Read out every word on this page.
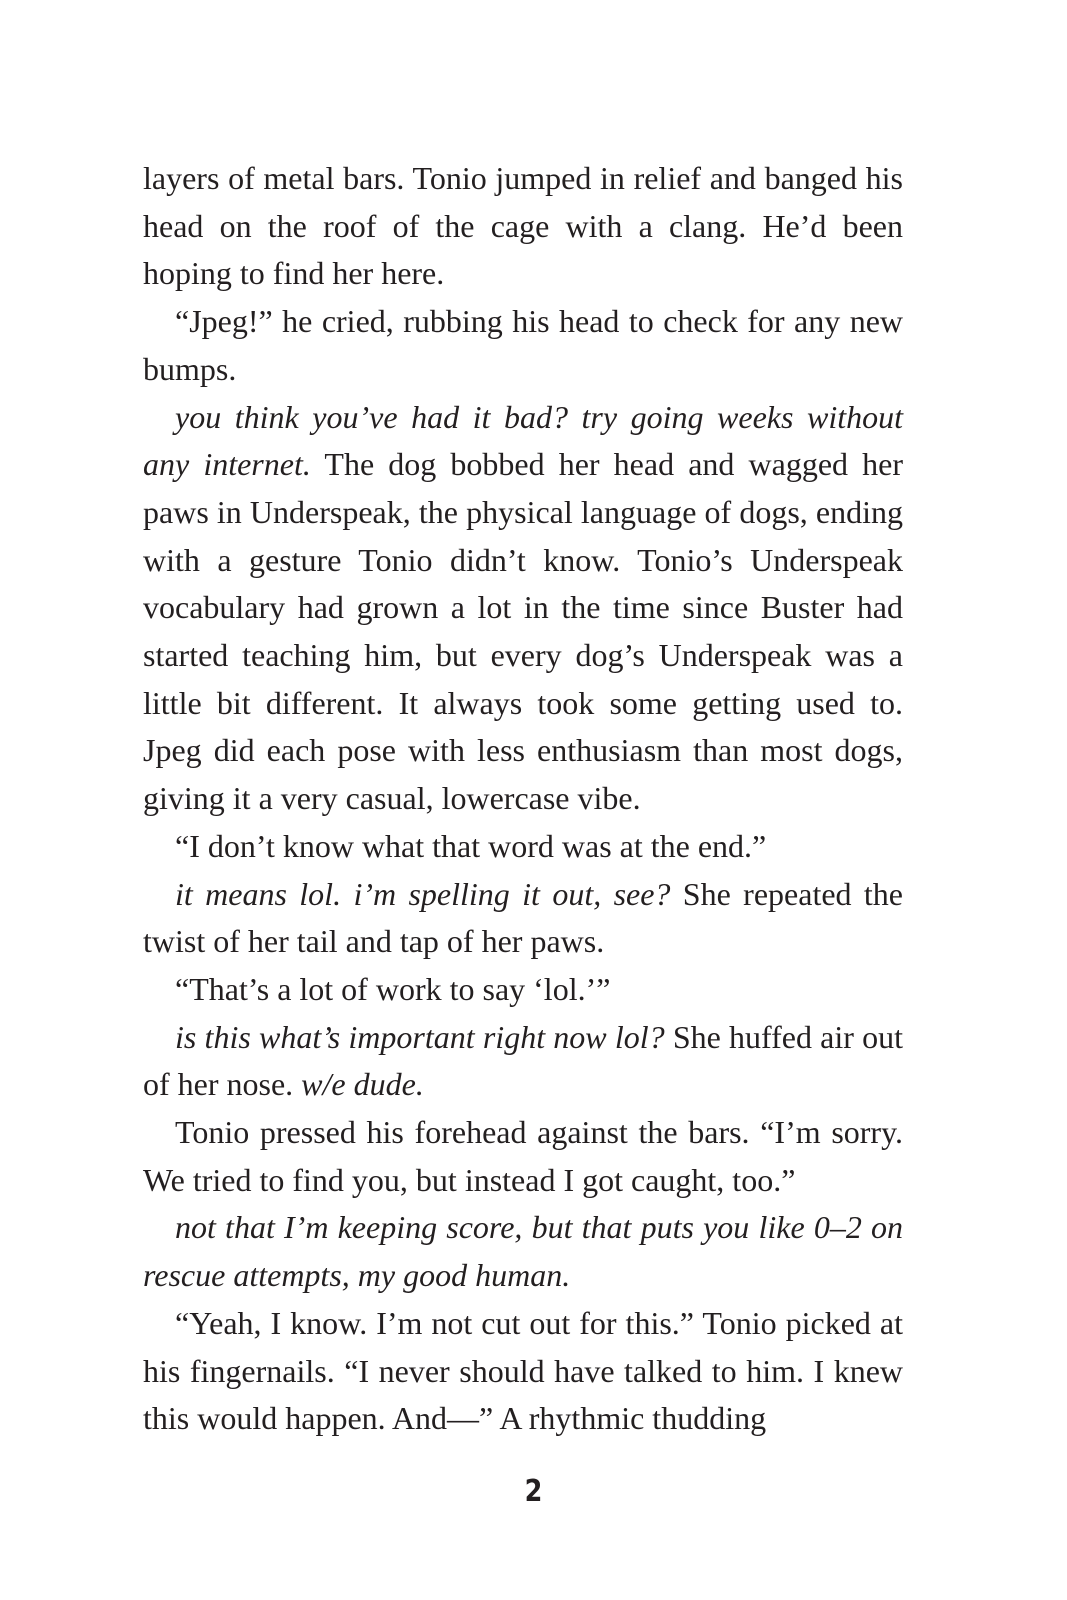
layers of metal bars. Tonio jumped in relief and banged his head on the roof of the cage with a clang. He’d been hoping to find her here.

“Jpeg!” he cried, rubbing his head to check for any new bumps.

you think you’ve had it bad? try going weeks without any internet. The dog bobbed her head and wagged her paws in Underspeak, the physical language of dogs, ending with a gesture Tonio didn’t know. Tonio’s Underspeak vocabulary had grown a lot in the time since Buster had started teaching him, but every dog’s Underspeak was a little bit different. It always took some getting used to. Jpeg did each pose with less enthusiasm than most dogs, giving it a very casual, lowercase vibe.

“I don’t know what that word was at the end.”

it means lol. i’m spelling it out, see? She repeated the twist of her tail and tap of her paws.

“That’s a lot of work to say ‘lol.’”

is this what’s important right now lol? She huffed air out of her nose. w/e dude.

Tonio pressed his forehead against the bars. “I’m sorry. We tried to find you, but instead I got caught, too.”

not that I’m keeping score, but that puts you like 0–2 on rescue attempts, my good human.

“Yeah, I know. I’m not cut out for this.” Tonio picked at his fingernails. “I never should have talked to him. I knew this would happen. And—” A rhythmic thudding

2
